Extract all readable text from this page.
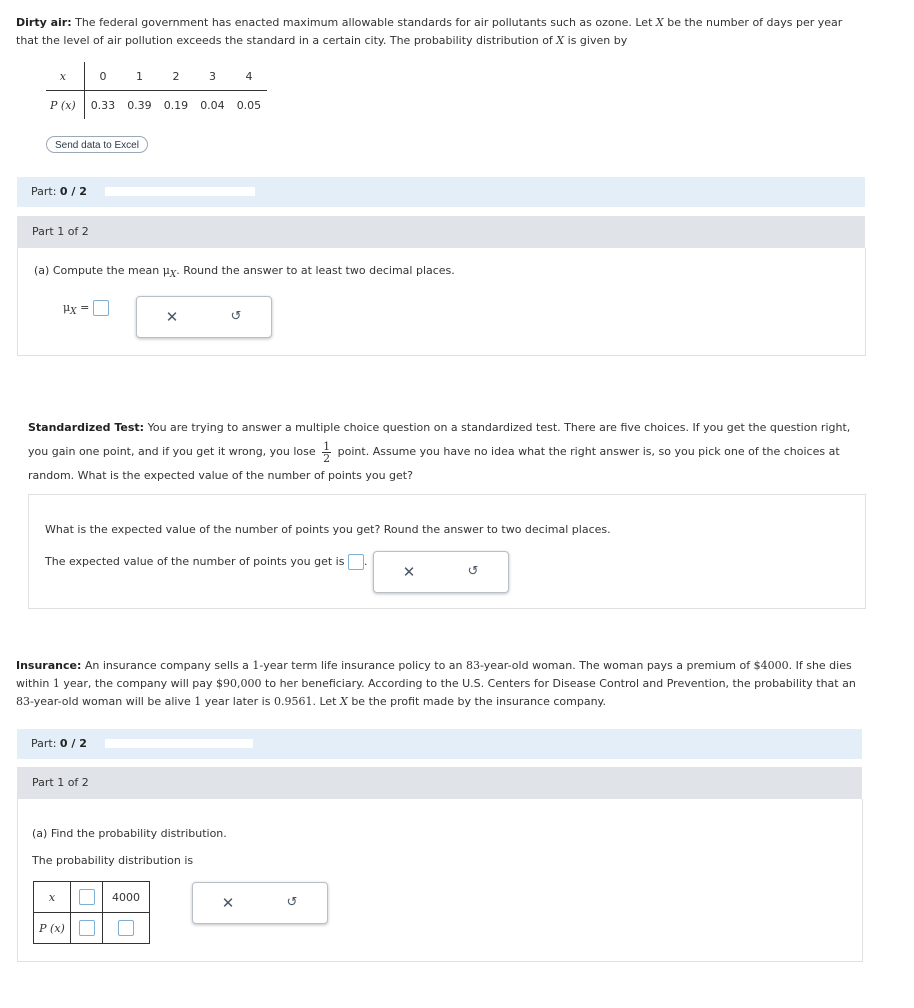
Dirty air: The federal government has enacted maximum allowable standards for air pollutants such as ozone. Let X be the number of days per year that the level of air pollution exceeds the standard in a certain city. The probability distribution of X is given by
x	0	1	2	3	4
P (x)	0.33	0.39	0.19	0.04	0.05
Send data to Excel
Part: 0 / 2
Part 1 of 2
(a) Compute the mean $\mu_X$. Round the answer to at least two decimal places.
$\mu_X$ =
✕	↺
Standardized Test: You are trying to answer a multiple choice question on a standardized test. There are five choices. If you get the question right, you gain one point, and if you get it wrong, you lose $\frac{1}{2}$ point. Assume you have no idea what the right answer is, so you pick one of the choices at random. What is the expected value of the number of points you get?
What is the expected value of the number of points you get? Round the answer to two decimal places.
The expected value of the number of points you get is .
✕	↺
Insurance: An insurance company sells a 1-year term life insurance policy to an 83-year-old woman. The woman pays a premium of $4000. If she dies within 1 year, the company will pay $90,000 to her beneficiary. According to the U.S. Centers for Disease Control and Prevention, the probability that an 83-year-old woman will be alive 1 year later is 0.9561. Let X be the profit made by the insurance company.
Part: 0 / 2
Part 1 of 2
(a) Find the probability distribution.
The probability distribution is
x		4000
P (x)		
✕	↺
